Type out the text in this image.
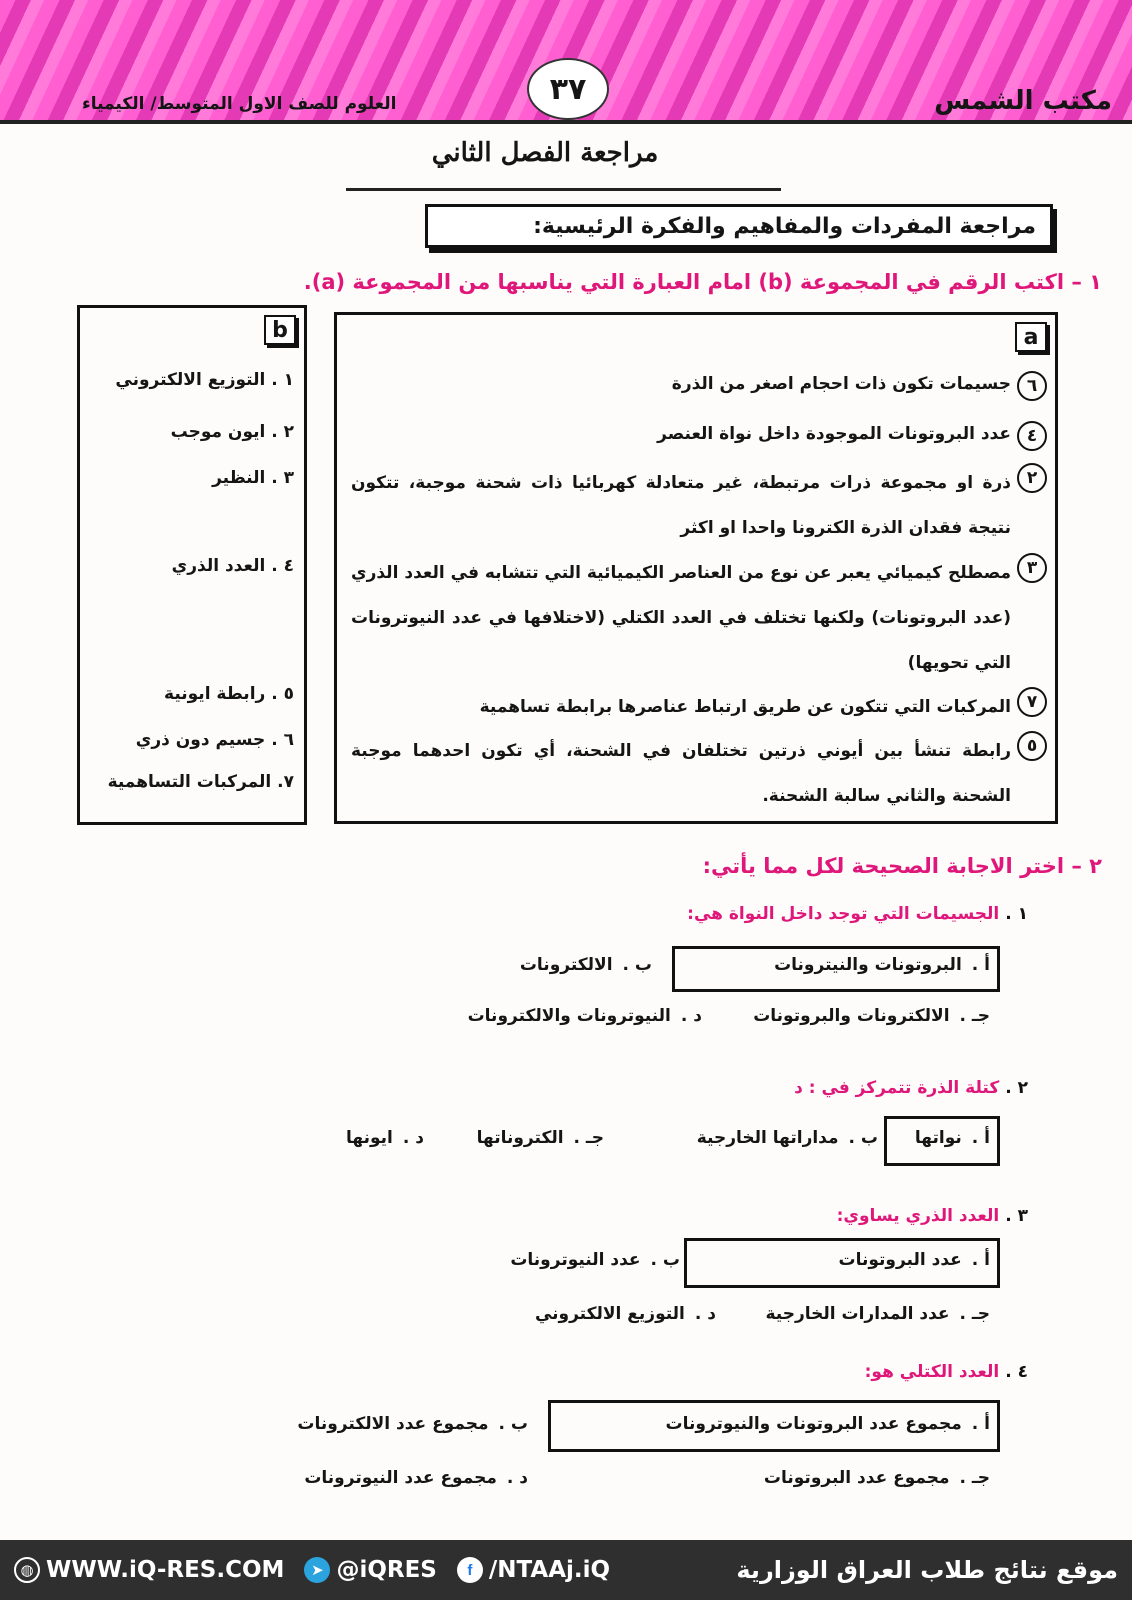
مكتب الشمس
٣٧
العلوم للصف الاول المتوسط/ الكيمياء
مراجعة الفصل الثاني
مراجعة المفردات والمفاهيم والفكرة الرئيسية:
١ – اكتب الرقم في المجموعة (b) امام العبارة التي يناسبها من المجموعة (a).
a
٦
جسيمات تكون ذات احجام اصغر من الذرة
٤
عدد البروتونات الموجودة داخل نواة العنصر
٢
ذرة او مجموعة ذرات مرتبطة، غير متعادلة كهربائيا ذات شحنة موجبة، تتكون نتيجة فقدان الذرة الكترونا واحدا او اكثر
٣
مصطلح كيميائي يعبر عن نوع من العناصر الكيميائية التي تتشابه في العدد الذري (عدد البروتونات) ولكنها تختلف في العدد الكتلي (لاختلافها في عدد النيوترونات التي تحويها)
٧
المركبات التي تتكون عن طريق ارتباط عناصرها برابطة تساهمية
٥
رابطة تنشأ بين أيوني ذرتين تختلفان في الشحنة، أي تكون احدهما موجبة الشحنة والثاني سالبة الشحنة.
b
١ . التوزيع الالكتروني
٢ . ايون موجب
٣ . النظير
٤ . العدد الذري
٥ . رابطة ايونية
٦ . جسيم دون ذري
٧. المركبات التساهمية
٢ – اختر الاجابة الصحيحة لكل مما يأتي:
١ .الجسيمات التي توجد داخل النواة هي:
أ .البروتونات والنيترونات
ب .الالكترونات
جـ .الالكترونات والبروتونات
د .النيوترونات والالكترونات
٢ .كتلة الذرة تتمركز في : د
أ .نواتها
ب .مداراتها الخارجية
جـ .الكتروناتها
د .ايونها
٣ .العدد الذري يساوي:
أ .عدد البروتونات
ب .عدد النيوترونات
جـ .عدد المدارات الخارجية
د .التوزيع الالكتروني
٤ .العدد الكتلي هو:
أ .مجموع عدد البروتونات والنيوترونات
ب .مجموع عدد الالكترونات
جـ .مجموع عدد البروتونات
د .مجموع عدد النيوترونات
موقع نتائج طلاب العراق الوزارية
◍ WWW.iQ-RES.COM	➤ @iQRES	f /NTAAj.iQ
